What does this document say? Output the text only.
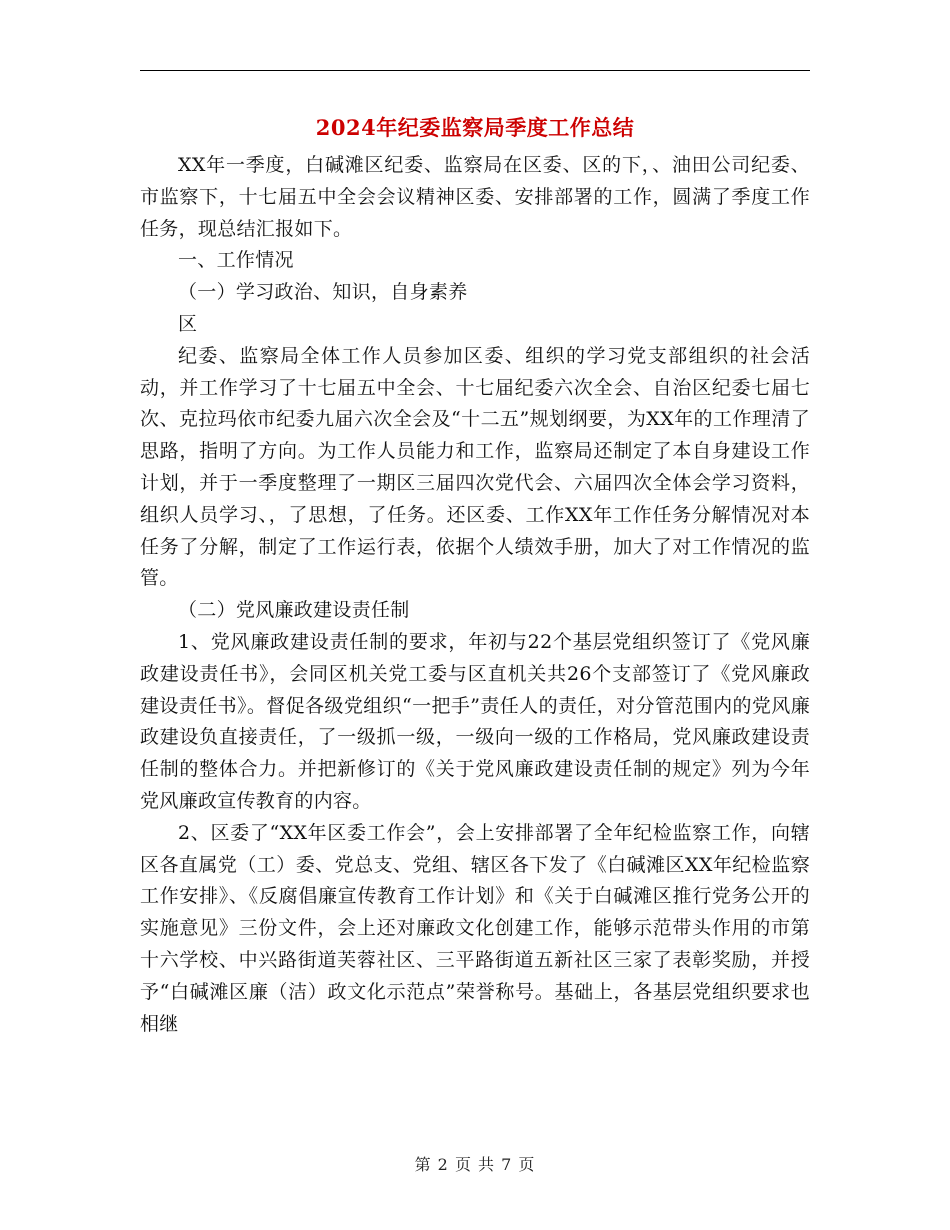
2024年纪委监察局季度工作总结

XX年一季度，白碱滩区纪委、监察局在区委、区的下，、油田公司纪委、市监察下，十七届五中全会会议精神区委、安排部署的工作，圆满了季度工作任务，现总结汇报如下。

一、工作情况

（一）学习政治、知识，自身素养

区

纪委、监察局全体工作人员参加区委、组织的学习党支部组织的社会活动，并工作学习了十七届五中全会、十七届纪委六次全会、自治区纪委七届七次、克拉玛依市纪委九届六次全会及“十二五”规划纲要，为XX年的工作理清了思路，指明了方向。为工作人员能力和工作，监察局还制定了本自身建设工作计划，并于一季度整理了一期区三届四次党代会、六届四次全体会学习资料，组织人员学习、，了思想，了任务。还区委、工作XX年工作任务分解情况对本任务了分解，制定了工作运行表，依据个人绩效手册，加大了对工作情况的监管。

（二）党风廉政建设责任制

1、党风廉政建设责任制的要求，年初与22个基层党组织签订了《党风廉政建设责任书》，会同区机关党工委与区直机关共26个支部签订了《党风廉政建设责任书》。督促各级党组织“一把手”责任人的责任，对分管范围内的党风廉政建设负直接责任，了一级抓一级，一级向一级的工作格局，党风廉政建设责任制的整体合力。并把新修订的《关于党风廉政建设责任制的规定》列为今年党风廉政宣传教育的内容。

2、区委了“XX年区委工作会”，会上安排部署了全年纪检监察工作，向辖区各直属党（工）委、党总支、党组、辖区各下发了《白碱滩区XX年纪检监察工作安排》、《反腐倡廉宣传教育工作计划》和《关于白碱滩区推行党务公开的实施意见》三份文件，会上还对廉政文化创建工作，能够示范带头作用的市第十六学校、中兴路街道芙蓉社区、三平路街道五新社区三家了表彰奖励，并授予“白碱滩区廉（洁）政文化示范点”荣誉称号。基础上，各基层党组织要求也相继

第 2 页 共 7 页
